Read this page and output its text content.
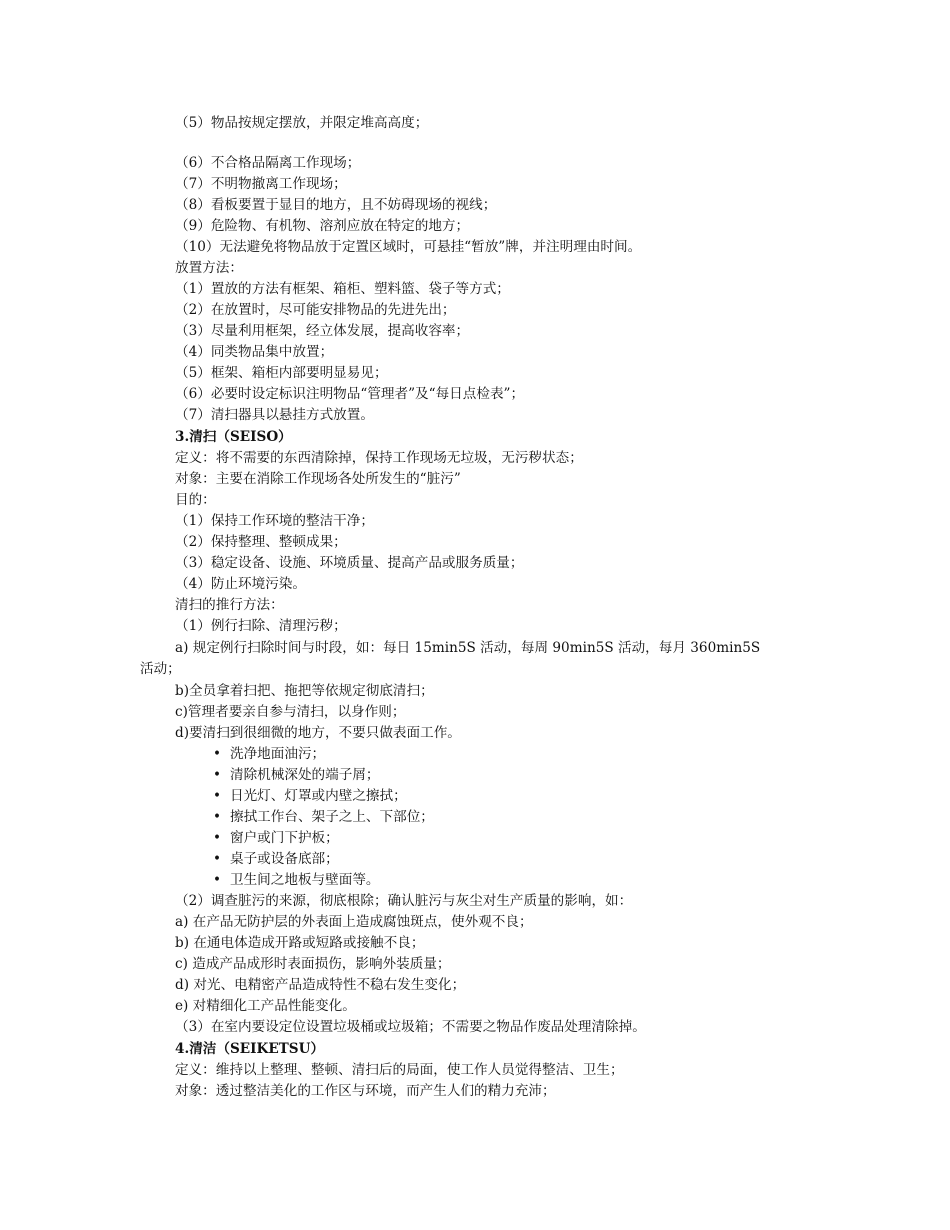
（5）物品按规定摆放，并限定堆高高度；
（6）不合格品隔离工作现场；
（7）不明物撤离工作现场；
（8）看板要置于显目的地方，且不妨碍现场的视线；
（9）危险物、有机物、溶剂应放在特定的地方；
（10）无法避免将物品放于定置区域时，可悬挂“暂放”牌，并注明理由时间。
放置方法：
（1）置放的方法有框架、箱柜、塑料篮、袋子等方式；
（2）在放置时，尽可能安排物品的先进先出；
（3）尽量利用框架，经立体发展，提高收容率；
（4）同类物品集中放置；
（5）框架、箱柜内部要明显易见；
（6）必要时设定标识注明物品“管理者”及“每日点检表”；
（7）清扫器具以悬挂方式放置。
3.清扫（SEISO）
定义：将不需要的东西清除掉，保持工作现场无垃圾，无污秽状态；
对象：主要在消除工作现场各处所发生的“脏污”
目的：
（1）保持工作环境的整洁干净；
（2）保持整理、整顿成果；
（3）稳定设备、设施、环境质量、提高产品或服务质量；
（4）防止环境污染。
清扫的推行方法：
（1）例行扫除、清理污秽；
a) 规定例行扫除时间与时段，如：每日 15min5S 活动，每周 90min5S 活动，每月 360min5S
活动；
b)全员拿着扫把、拖把等依规定彻底清扫；
c)管理者要亲自参与清扫，以身作则；
d)要清扫到很细微的地方，不要只做表面工作。
• 洗净地面油污；
• 清除机械深处的端子屑；
• 日光灯、灯罩或内壁之擦拭；
• 擦拭工作台、架子之上、下部位；
• 窗户或门下护板；
• 桌子或设备底部；
• 卫生间之地板与壁面等。
（2）调查脏污的来源，彻底根除；确认脏污与灰尘对生产质量的影响，如：
a) 在产品无防护层的外表面上造成腐蚀斑点，使外观不良；
b) 在通电体造成开路或短路或接触不良；
c) 造成产品成形时表面损伤，影响外装质量；
d) 对光、电精密产品造成特性不稳右发生变化；
e) 对精细化工产品性能变化。
（3）在室内要设定位设置垃圾桶或垃圾箱；不需要之物品作废品处理清除掉。
4.清洁（SEIKETSU）
定义：维持以上整理、整顿、清扫后的局面，使工作人员觉得整洁、卫生；
对象：透过整洁美化的工作区与环境，而产生人们的精力充沛；
